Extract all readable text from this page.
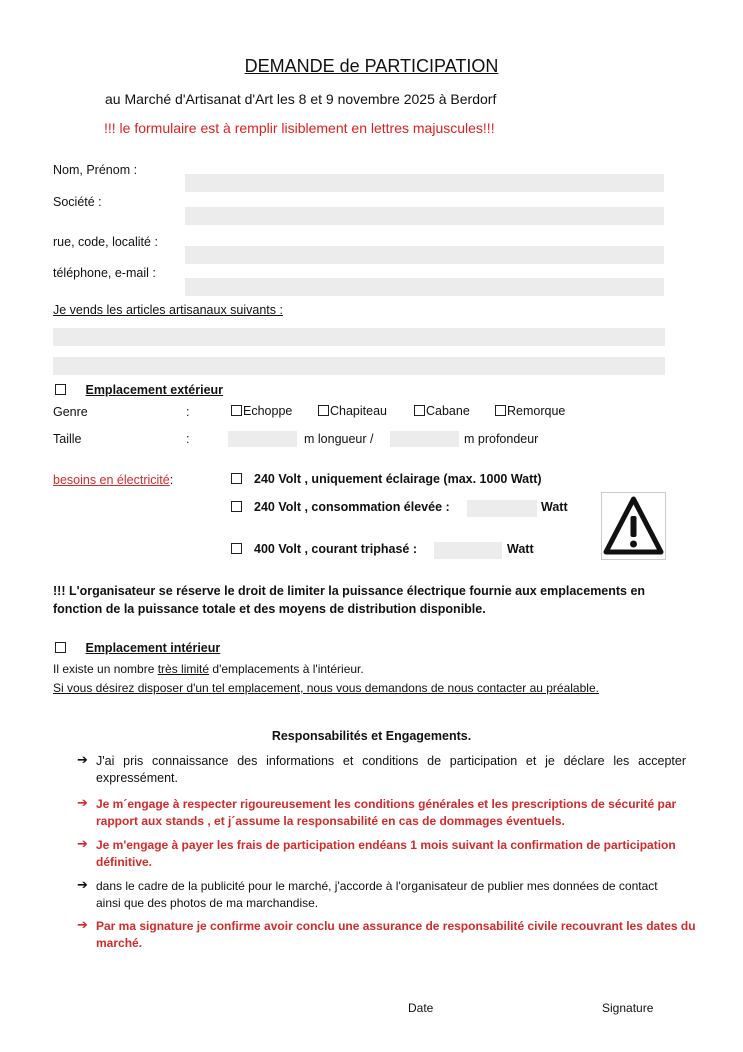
DEMANDE de PARTICIPATION
au Marché d'Artisanat d'Art les 8 et 9 novembre 2025 à Berdorf
!!! le formulaire est à remplir lisiblement en lettres majuscules!!!
Nom, Prénom :
Société :
rue, code, localité :
téléphone, e-mail :
Je vends les articles artisanaux suivants :
Emplacement extérieur
Genre	:	Echoppe	Chapiteau	Cabane	Remorque
Taille	:	m longueur /	m profondeur
besoins en électricité:	240 Volt , uniquement éclairage (max. 1000 Watt)
240 Volt , consommation élevée :	Watt
400 Volt , courant triphasé :	Watt
!!! L'organisateur se réserve le droit de limiter la puissance électrique fournie aux emplacements en
fonction de la puissance totale et des moyens de distribution disponible.
Emplacement intérieur
Il existe un nombre très limité d'emplacements à l'intérieur.
Si vous désirez disposer d'un tel emplacement, nous vous demandons de nous contacter au préalable.
Responsabilités et Engagements.
➔ J'ai pris connaissance des informations et conditions de participation et je déclare les accepter
expressément.
➔ Je m´engage à respecter rigoureusement les conditions générales et les prescriptions de sécurité par
rapport aux stands , et j´assume la responsabilité en cas de dommages éventuels.
➔ Je m'engage à payer les frais de participation endéans 1 mois suivant la confirmation de participation
définitive.
➔ dans le cadre de la publicité pour le marché, j'accorde à l'organisateur de publier mes données de contact
ainsi que des photos de ma marchandise.
➔ Par ma signature je confirme avoir conclu une assurance de responsabilité civile recouvrant les dates du
marché.
Date	Signature
